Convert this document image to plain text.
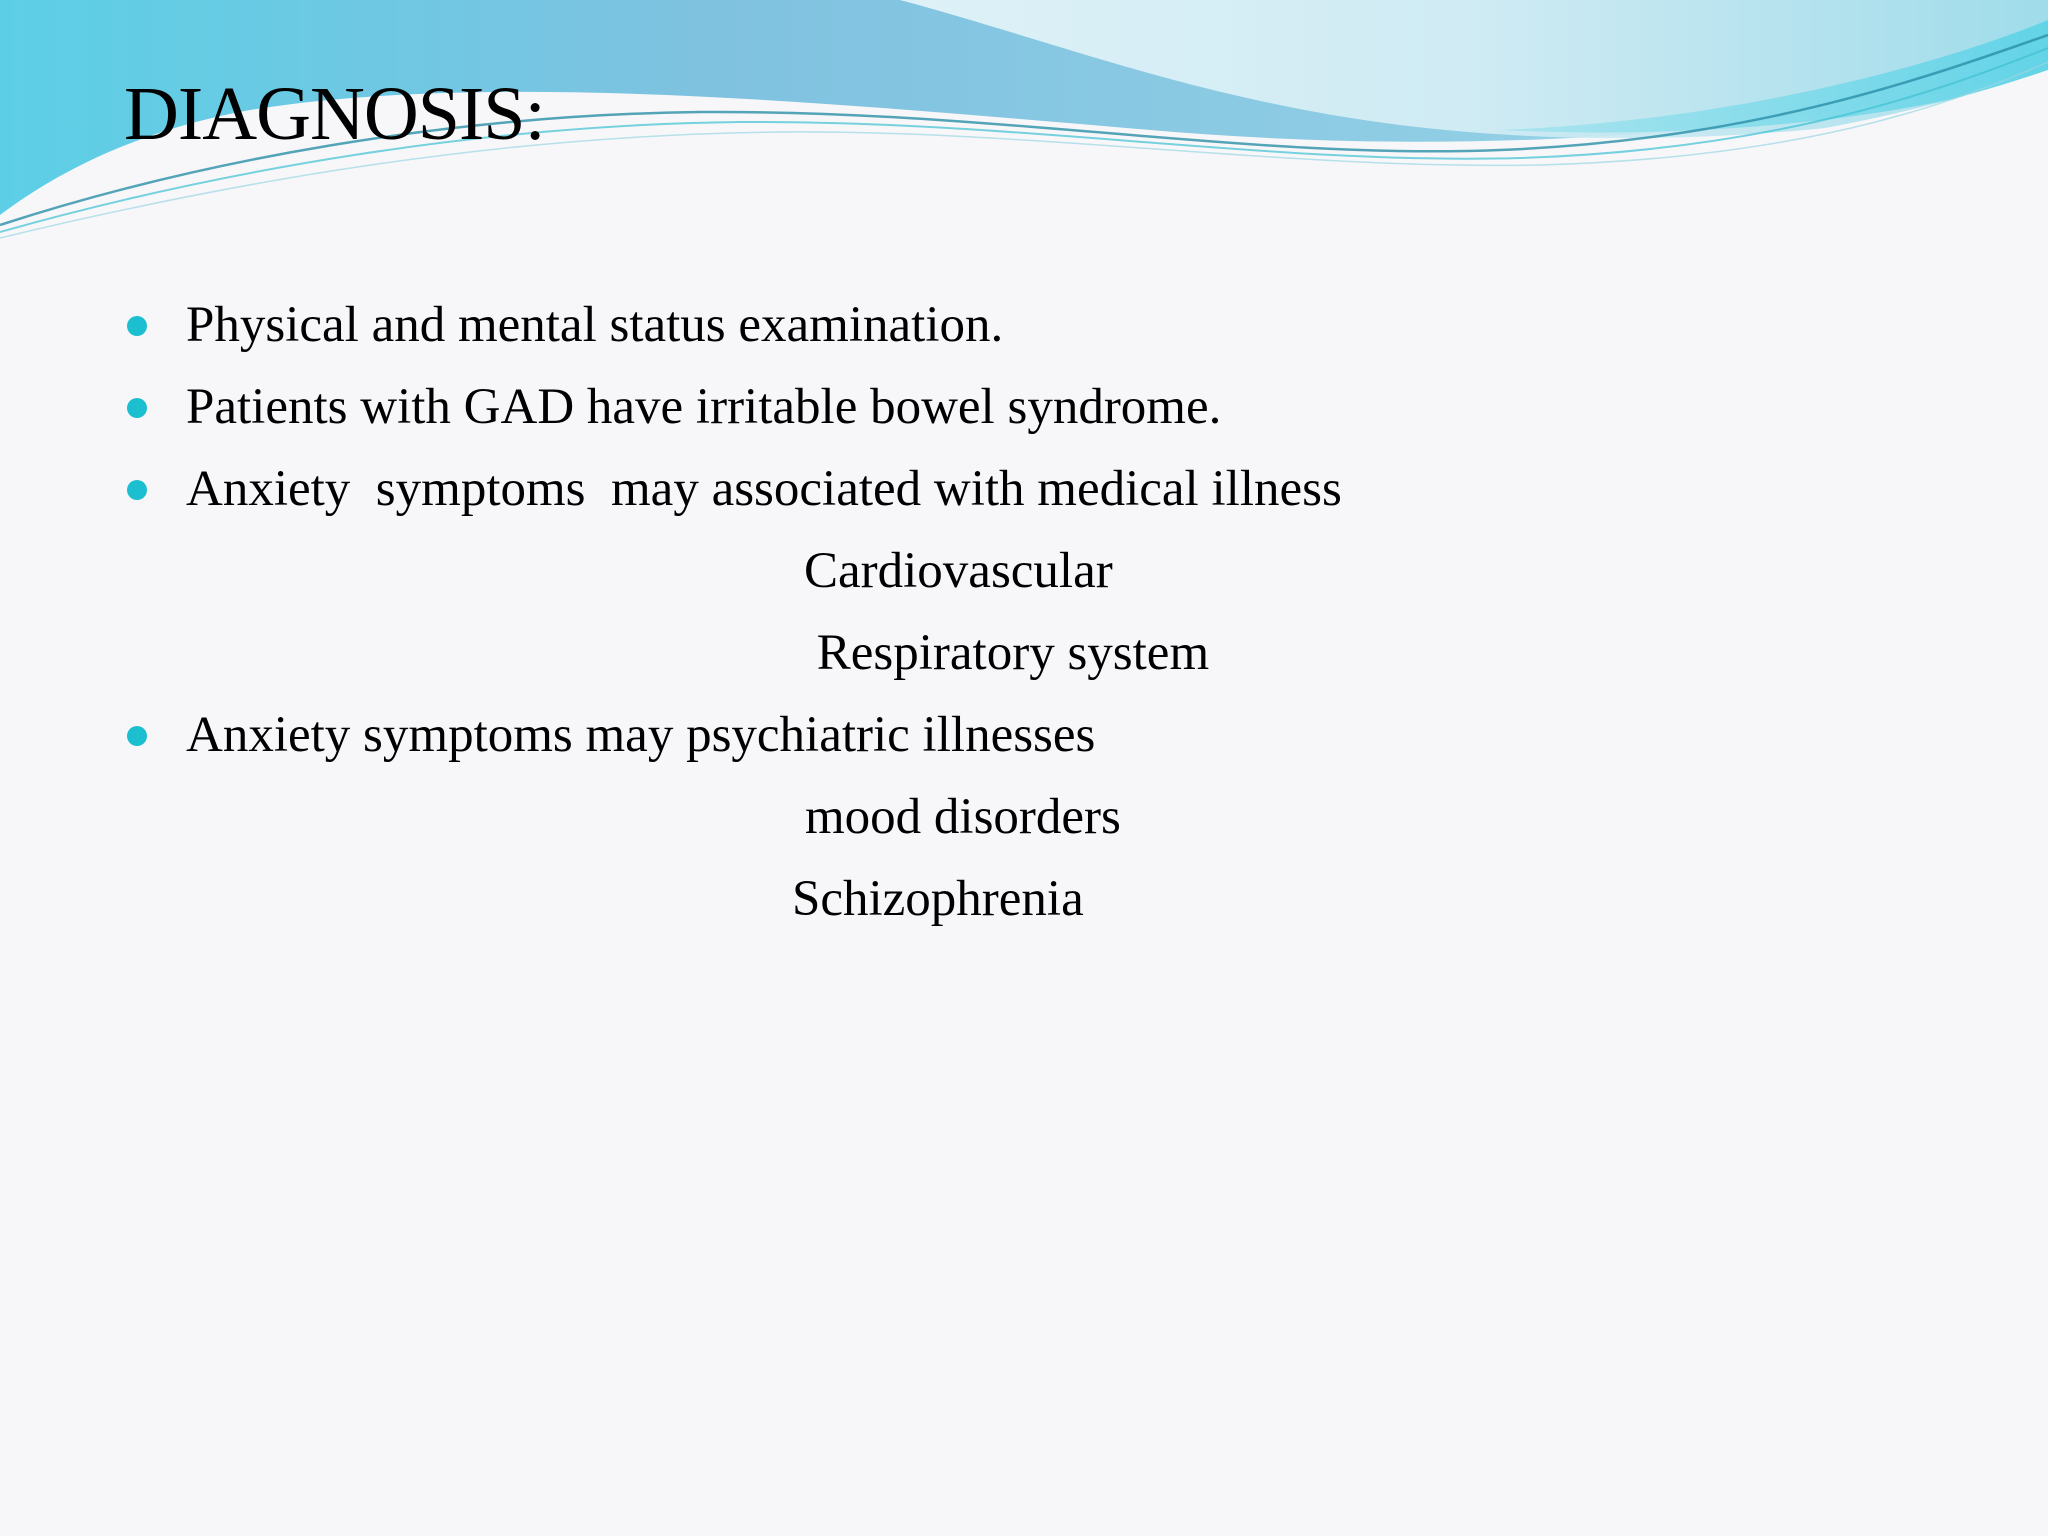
DIAGNOSIS:

Physical and mental status examination.

Patients with GAD have irritable bowel syndrome.

Anxiety  symptoms  may associated with medical illness

Cardiovascular

Respiratory system

Anxiety symptoms may psychiatric illnesses

mood disorders

Schizophrenia
